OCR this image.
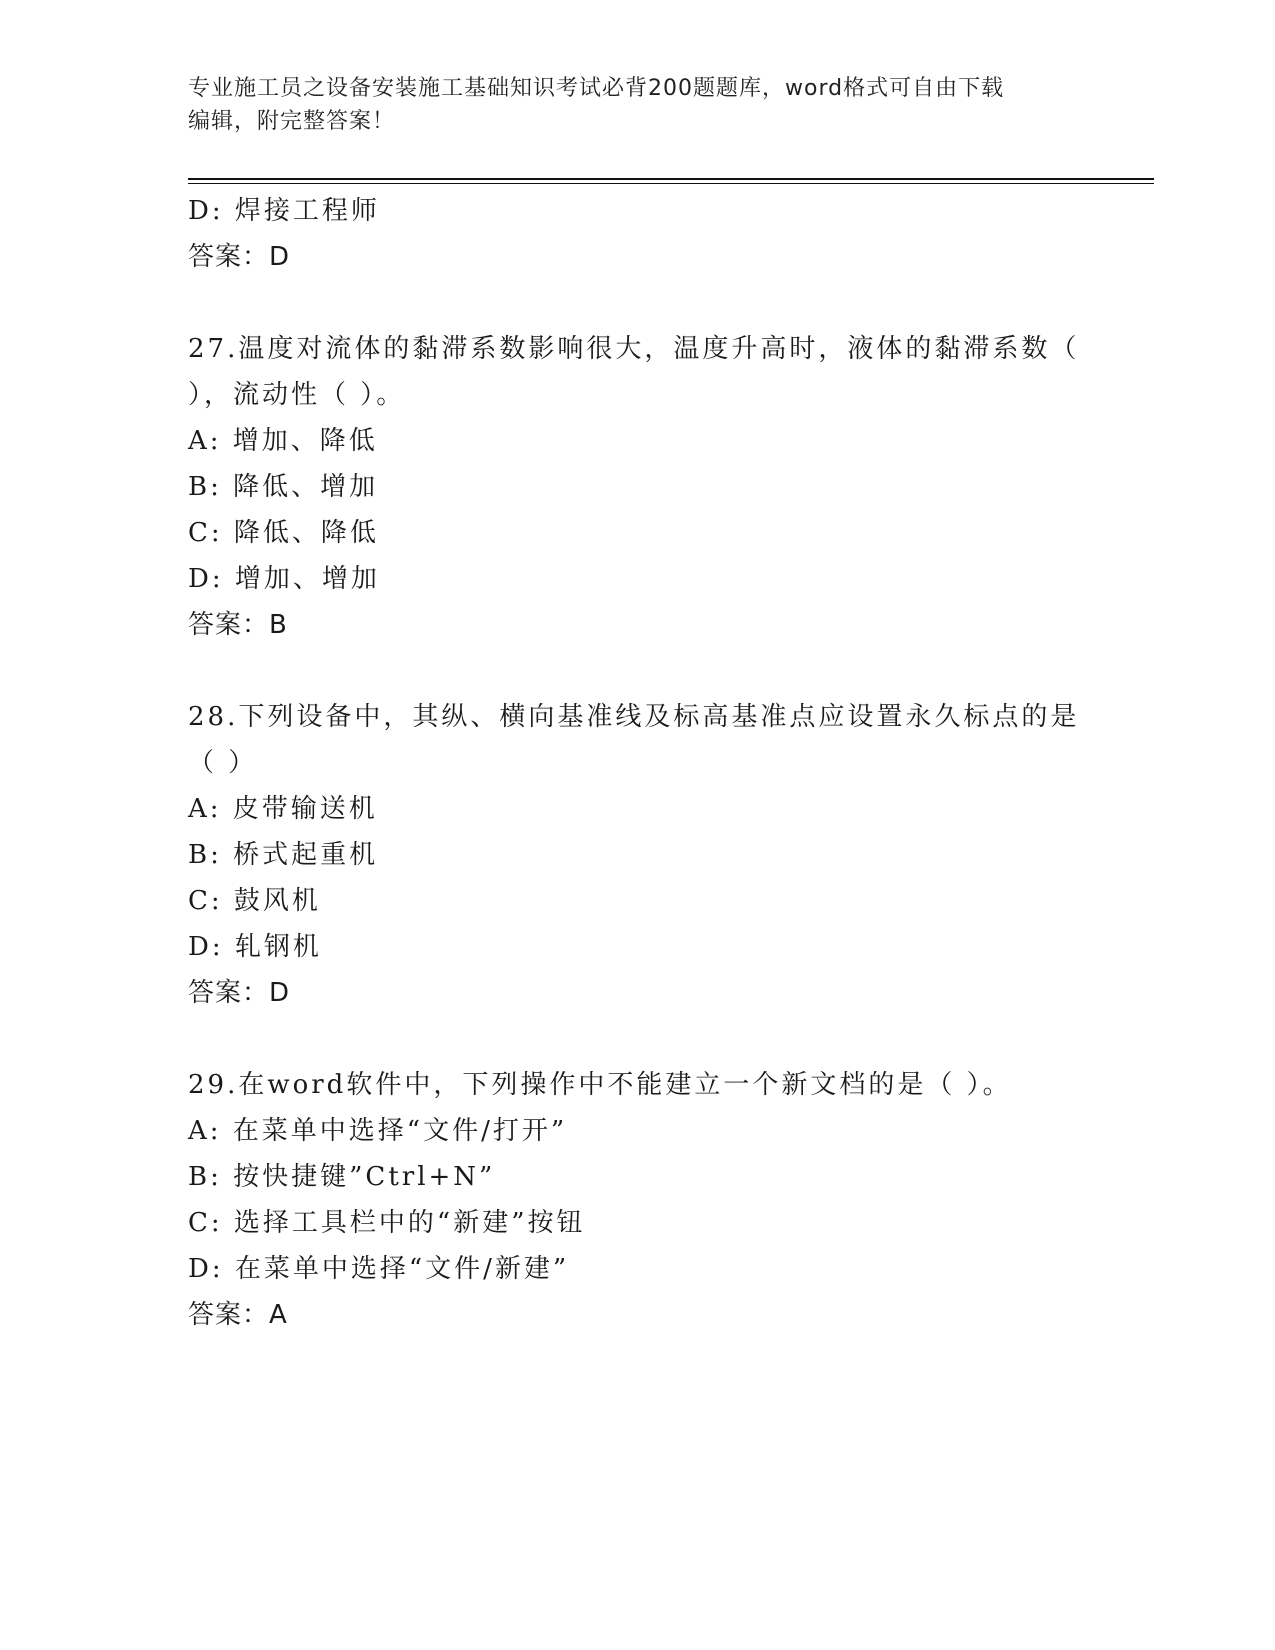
专业施工员之设备安装施工基础知识考试必背200题题库，word格式可自由下载
编辑，附完整答案！
D: 焊接工程师
答案：D
27.温度对流体的黏滞系数影响很大，温度升高时，液体的黏滞系数（
），流动性（ ）。
A: 增加、降低
B: 降低、增加
C: 降低、降低
D: 增加、增加
答案：B
28.下列设备中，其纵、横向基准线及标高基准点应设置永久标点的是
（ ）
A: 皮带输送机
B: 桥式起重机
C: 鼓风机
D: 轧钢机
答案：D
29.在word软件中，下列操作中不能建立一个新文档的是（ ）。
A: 在菜单中选择“文件/打开”
B: 按快捷键”Ctrl+N”
C: 选择工具栏中的“新建”按钮
D: 在菜单中选择“文件/新建”
答案：A
